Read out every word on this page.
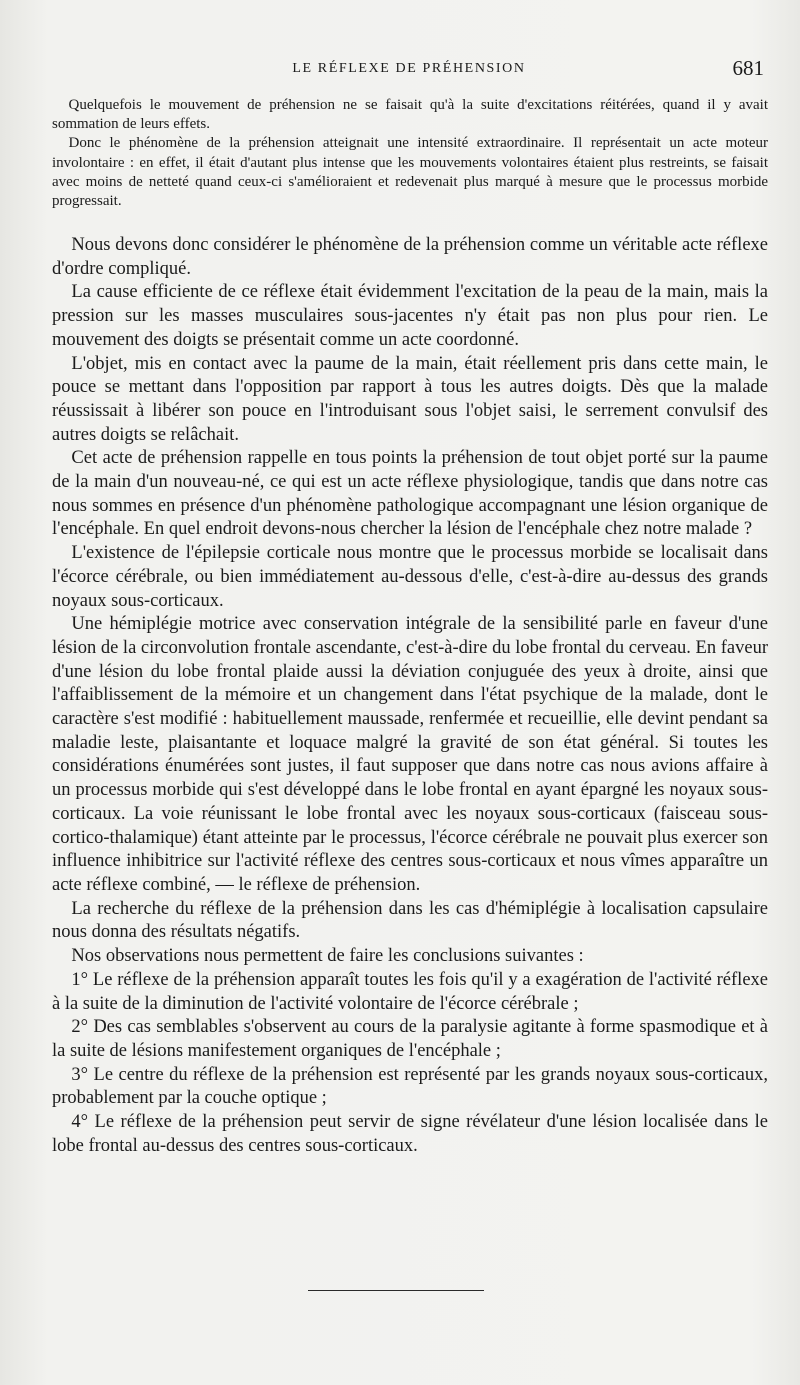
LE RÉFLEXE DE PRÉHENSION	681

Quelquefois le mouvement de préhension ne se faisait qu'à la suite d'excitations réitérées, quand il y avait sommation de leurs effets.

Donc le phénomène de la préhension atteignait une intensité extraordinaire. Il représentait un acte moteur involontaire : en effet, il était d'autant plus intense que les mouvements volontaires étaient plus restreints, se faisait avec moins de netteté quand ceux-ci s'amélioraient et redevenait plus marqué à mesure que le processus morbide progressait.

Nous devons donc considérer le phénomène de la préhension comme un véritable acte réflexe d'ordre compliqué.

La cause efficiente de ce réflexe était évidemment l'excitation de la peau de la main, mais la pression sur les masses musculaires sous-jacentes n'y était pas non plus pour rien. Le mouvement des doigts se présentait comme un acte coordonné.

L'objet, mis en contact avec la paume de la main, était réellement pris dans cette main, le pouce se mettant dans l'opposition par rapport à tous les autres doigts. Dès que la malade réussissait à libérer son pouce en l'introduisant sous l'objet saisi, le serrement convulsif des autres doigts se relâchait.

Cet acte de préhension rappelle en tous points la préhension de tout objet porté sur la paume de la main d'un nouveau-né, ce qui est un acte réflexe physiologique, tandis que dans notre cas nous sommes en présence d'un phénomène pathologique accompagnant une lésion organique de l'encéphale. En quel endroit devons-nous chercher la lésion de l'encéphale chez notre malade ?

L'existence de l'épilepsie corticale nous montre que le processus morbide se localisait dans l'écorce cérébrale, ou bien immédiatement au-dessous d'elle, c'est-à-dire au-dessus des grands noyaux sous-corticaux.

Une hémiplégie motrice avec conservation intégrale de la sensibilité parle en faveur d'une lésion de la circonvolution frontale ascendante, c'est-à-dire du lobe frontal du cerveau. En faveur d'une lésion du lobe frontal plaide aussi la déviation conjuguée des yeux à droite, ainsi que l'affaiblissement de la mémoire et un changement dans l'état psychique de la malade, dont le caractère s'est modifié : habituellement maussade, renfermée et recueillie, elle devint pendant sa maladie leste, plaisantante et loquace malgré la gravité de son état général. Si toutes les considérations énumérées sont justes, il faut supposer que dans notre cas nous avions affaire à un processus morbide qui s'est développé dans le lobe frontal en ayant épargné les noyaux sous-corticaux. La voie réunissant le lobe frontal avec les noyaux sous-corticaux (faisceau sous-cortico-thalamique) étant atteinte par le processus, l'écorce cérébrale ne pouvait plus exercer son influence inhibitrice sur l'activité réflexe des centres sous-corticaux et nous vîmes apparaître un acte réflexe combiné, — le réflexe de préhension.

La recherche du réflexe de la préhension dans les cas d'hémiplégie à localisation capsulaire nous donna des résultats négatifs.

Nos observations nous permettent de faire les conclusions suivantes :

1° Le réflexe de la préhension apparaît toutes les fois qu'il y a exagération de l'activité réflexe à la suite de la diminution de l'activité volontaire de l'écorce cérébrale ;

2° Des cas semblables s'observent au cours de la paralysie agitante à forme spasmodique et à la suite de lésions manifestement organiques de l'encéphale ;

3° Le centre du réflexe de la préhension est représenté par les grands noyaux sous-corticaux, probablement par la couche optique ;

4° Le réflexe de la préhension peut servir de signe révélateur d'une lésion localisée dans le lobe frontal au-dessus des centres sous-corticaux.
